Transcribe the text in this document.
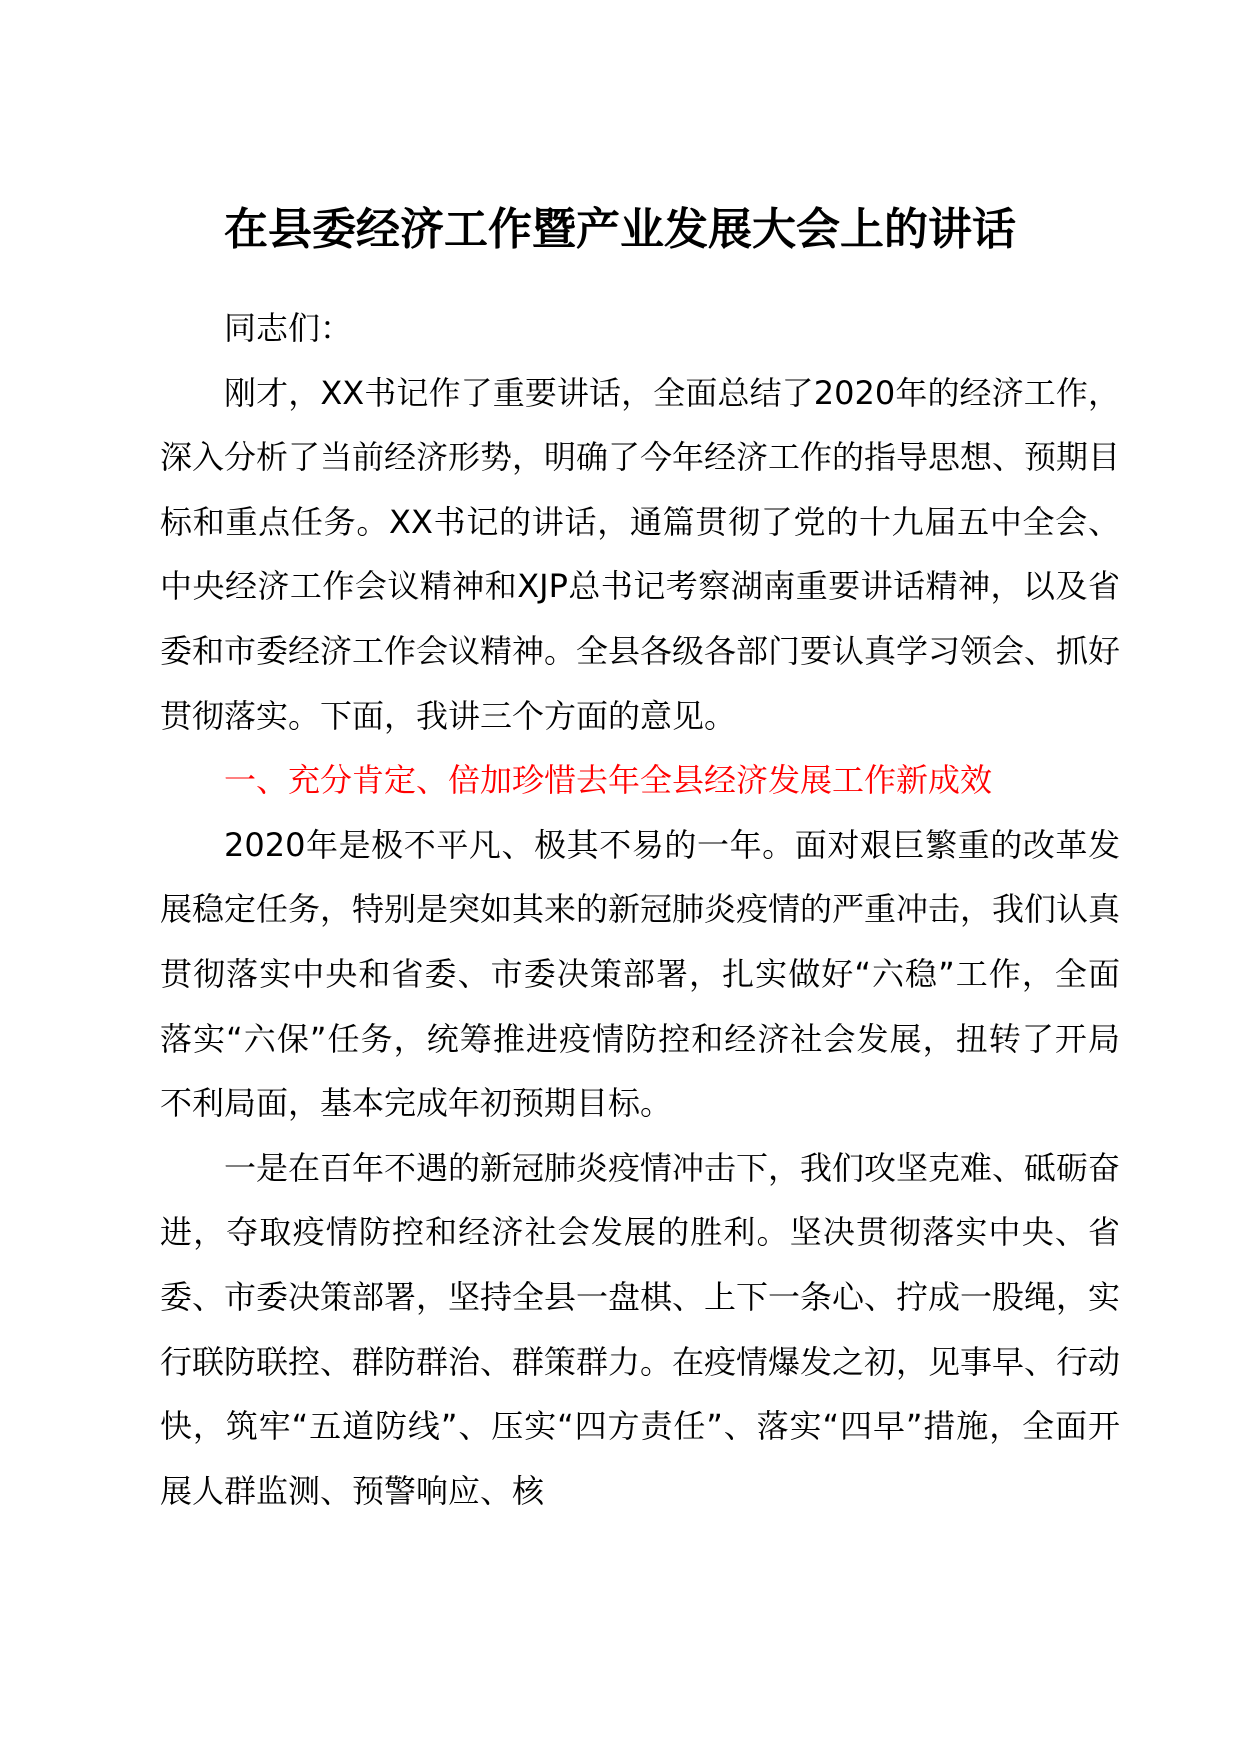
在县委经济工作暨产业发展大会上的讲话

同志们：

刚才，XX书记作了重要讲话，全面总结了2020年的经济工作，深入分析了当前经济形势，明确了今年经济工作的指导思想、预期目标和重点任务。XX书记的讲话，通篇贯彻了党的十九届五中全会、中央经济工作会议精神和XJP总书记考察湖南重要讲话精神，以及省委和市委经济工作会议精神。全县各级各部门要认真学习领会、抓好贯彻落实。下面，我讲三个方面的意见。

一、充分肯定、倍加珍惜去年全县经济发展工作新成效

2020年是极不平凡、极其不易的一年。面对艰巨繁重的改革发展稳定任务，特别是突如其来的新冠肺炎疫情的严重冲击，我们认真贯彻落实中央和省委、市委决策部署，扎实做好“六稳”工作，全面落实“六保”任务，统筹推进疫情防控和经济社会发展，扭转了开局不利局面，基本完成年初预期目标。

一是在百年不遇的新冠肺炎疫情冲击下，我们攻坚克难、砥砺奋进，夺取疫情防控和经济社会发展的胜利。坚决贯彻落实中央、省委、市委决策部署，坚持全县一盘棋、上下一条心、拧成一股绳，实行联防联控、群防群治、群策群力。在疫情爆发之初，见事早、行动快，筑牢“五道防线”、压实“四方责任”、落实“四早”措施，全面开展人群监测、预警响应、核
